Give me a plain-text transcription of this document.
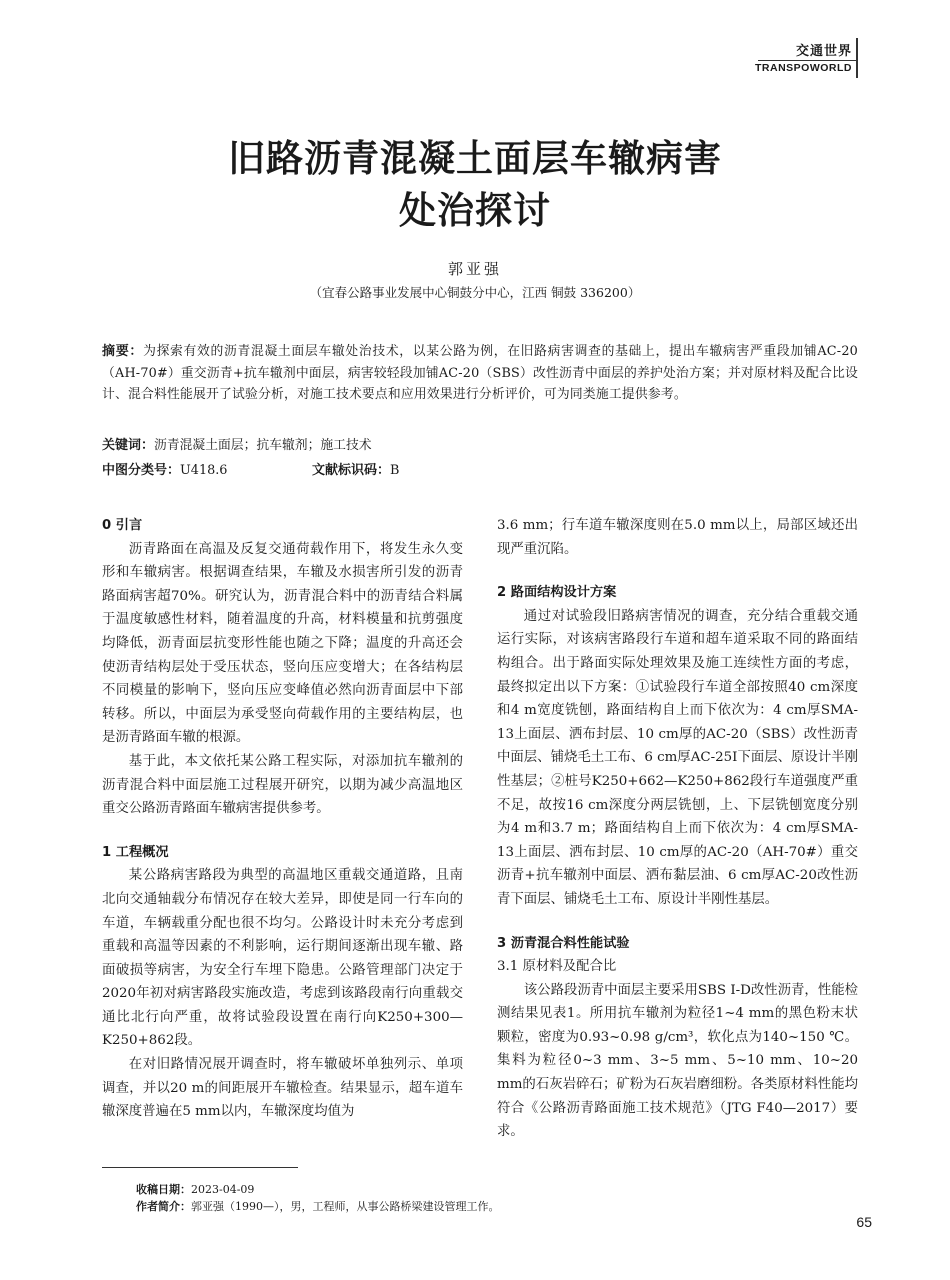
交通世界
TRANSPOWORLD
旧路沥青混凝土面层车辙病害
处治探讨
郭亚强
（宜春公路事业发展中心铜鼓分中心，江西 铜鼓 336200）
摘要：为探索有效的沥青混凝土面层车辙处治技术，以某公路为例，在旧路病害调查的基础上，提出车辙病害严重段加铺AC-20（AH-70#）重交沥青+抗车辙剂中面层，病害较轻段加铺AC-20（SBS）改性沥青中面层的养护处治方案；并对原材料及配合比设计、混合料性能展开了试验分析，对施工技术要点和应用效果进行分析评价，可为同类施工提供参考。
关键词：沥青混凝土面层；抗车辙剂；施工技术
中图分类号：U418.6	文献标识码：B
0 引言

沥青路面在高温及反复交通荷载作用下，将发生永久变形和车辙病害。根据调查结果，车辙及水损害所引发的沥青路面病害超70%。研究认为，沥青混合料中的沥青结合料属于温度敏感性材料，随着温度的升高，材料模量和抗剪强度均降低，沥青面层抗变形性能也随之下降；温度的升高还会使沥青结构层处于受压状态，竖向压应变增大；在各结构层不同模量的影响下，竖向压应变峰值必然向沥青面层中下部转移。所以，中面层为承受竖向荷载作用的主要结构层，也是沥青路面车辙的根源。

基于此，本文依托某公路工程实际，对添加抗车辙剂的沥青混合料中面层施工过程展开研究，以期为减少高温地区重交公路沥青路面车辙病害提供参考。

1 工程概况

某公路病害路段为典型的高温地区重载交通道路，且南北向交通轴载分布情况存在较大差异，即使是同一行车向的车道，车辆载重分配也很不均匀。公路设计时未充分考虑到重载和高温等因素的不利影响，运行期间逐渐出现车辙、路面破损等病害，为安全行车埋下隐患。公路管理部门决定于2020年初对病害路段实施改造，考虑到该路段南行向重载交通比北行向严重，故将试验段设置在南行向K250+300—K250+862段。

在对旧路情况展开调查时，将车辙破坏单独列示、单项调查，并以20 m的间距展开车辙检查。结果显示，超车道车辙深度普遍在5 mm以内，车辙深度均值为

3.6 mm；行车道车辙深度则在5.0 mm以上，局部区域还出现严重沉陷。

2 路面结构设计方案

通过对试验段旧路病害情况的调查，充分结合重载交通运行实际，对该病害路段行车道和超车道采取不同的路面结构组合。出于路面实际处理效果及施工连续性方面的考虑，最终拟定出以下方案：①试验段行车道全部按照40 cm深度和4 m宽度铣刨，路面结构自上而下依次为：4 cm厚SMA-13上面层、洒布封层、10 cm厚的AC-20（SBS）改性沥青中面层、铺烧毛土工布、6 cm厚AC-25I下面层、原设计半刚性基层；②桩号K250+662—K250+862段行车道强度严重不足，故按16 cm深度分两层铣刨，上、下层铣刨宽度分别为4 m和3.7 m；路面结构自上而下依次为：4 cm厚SMA-13上面层、洒布封层、10 cm厚的AC-20（AH-70#）重交沥青+抗车辙剂中面层、洒布黏层油、6 cm厚AC-20改性沥青下面层、铺烧毛土工布、原设计半刚性基层。

3 沥青混合料性能试验
3.1 原材料及配合比

该公路段沥青中面层主要采用SBS I-D改性沥青，性能检测结果见表1。所用抗车辙剂为粒径1~4 mm的黑色粉末状颗粒，密度为0.93~0.98 g/cm³，软化点为140~150 ℃。集料为粒径0~3 mm、3~5 mm、5~10 mm、10~20 mm的石灰岩碎石；矿粉为石灰岩磨细粉。各类原材料性能均符合《公路沥青路面施工技术规范》（JTG F40—2017）要求。

收稿日期：2023-04-09
作者简介：郭亚强（1990—），男，工程师，从事公路桥梁建设管理工作。
65
